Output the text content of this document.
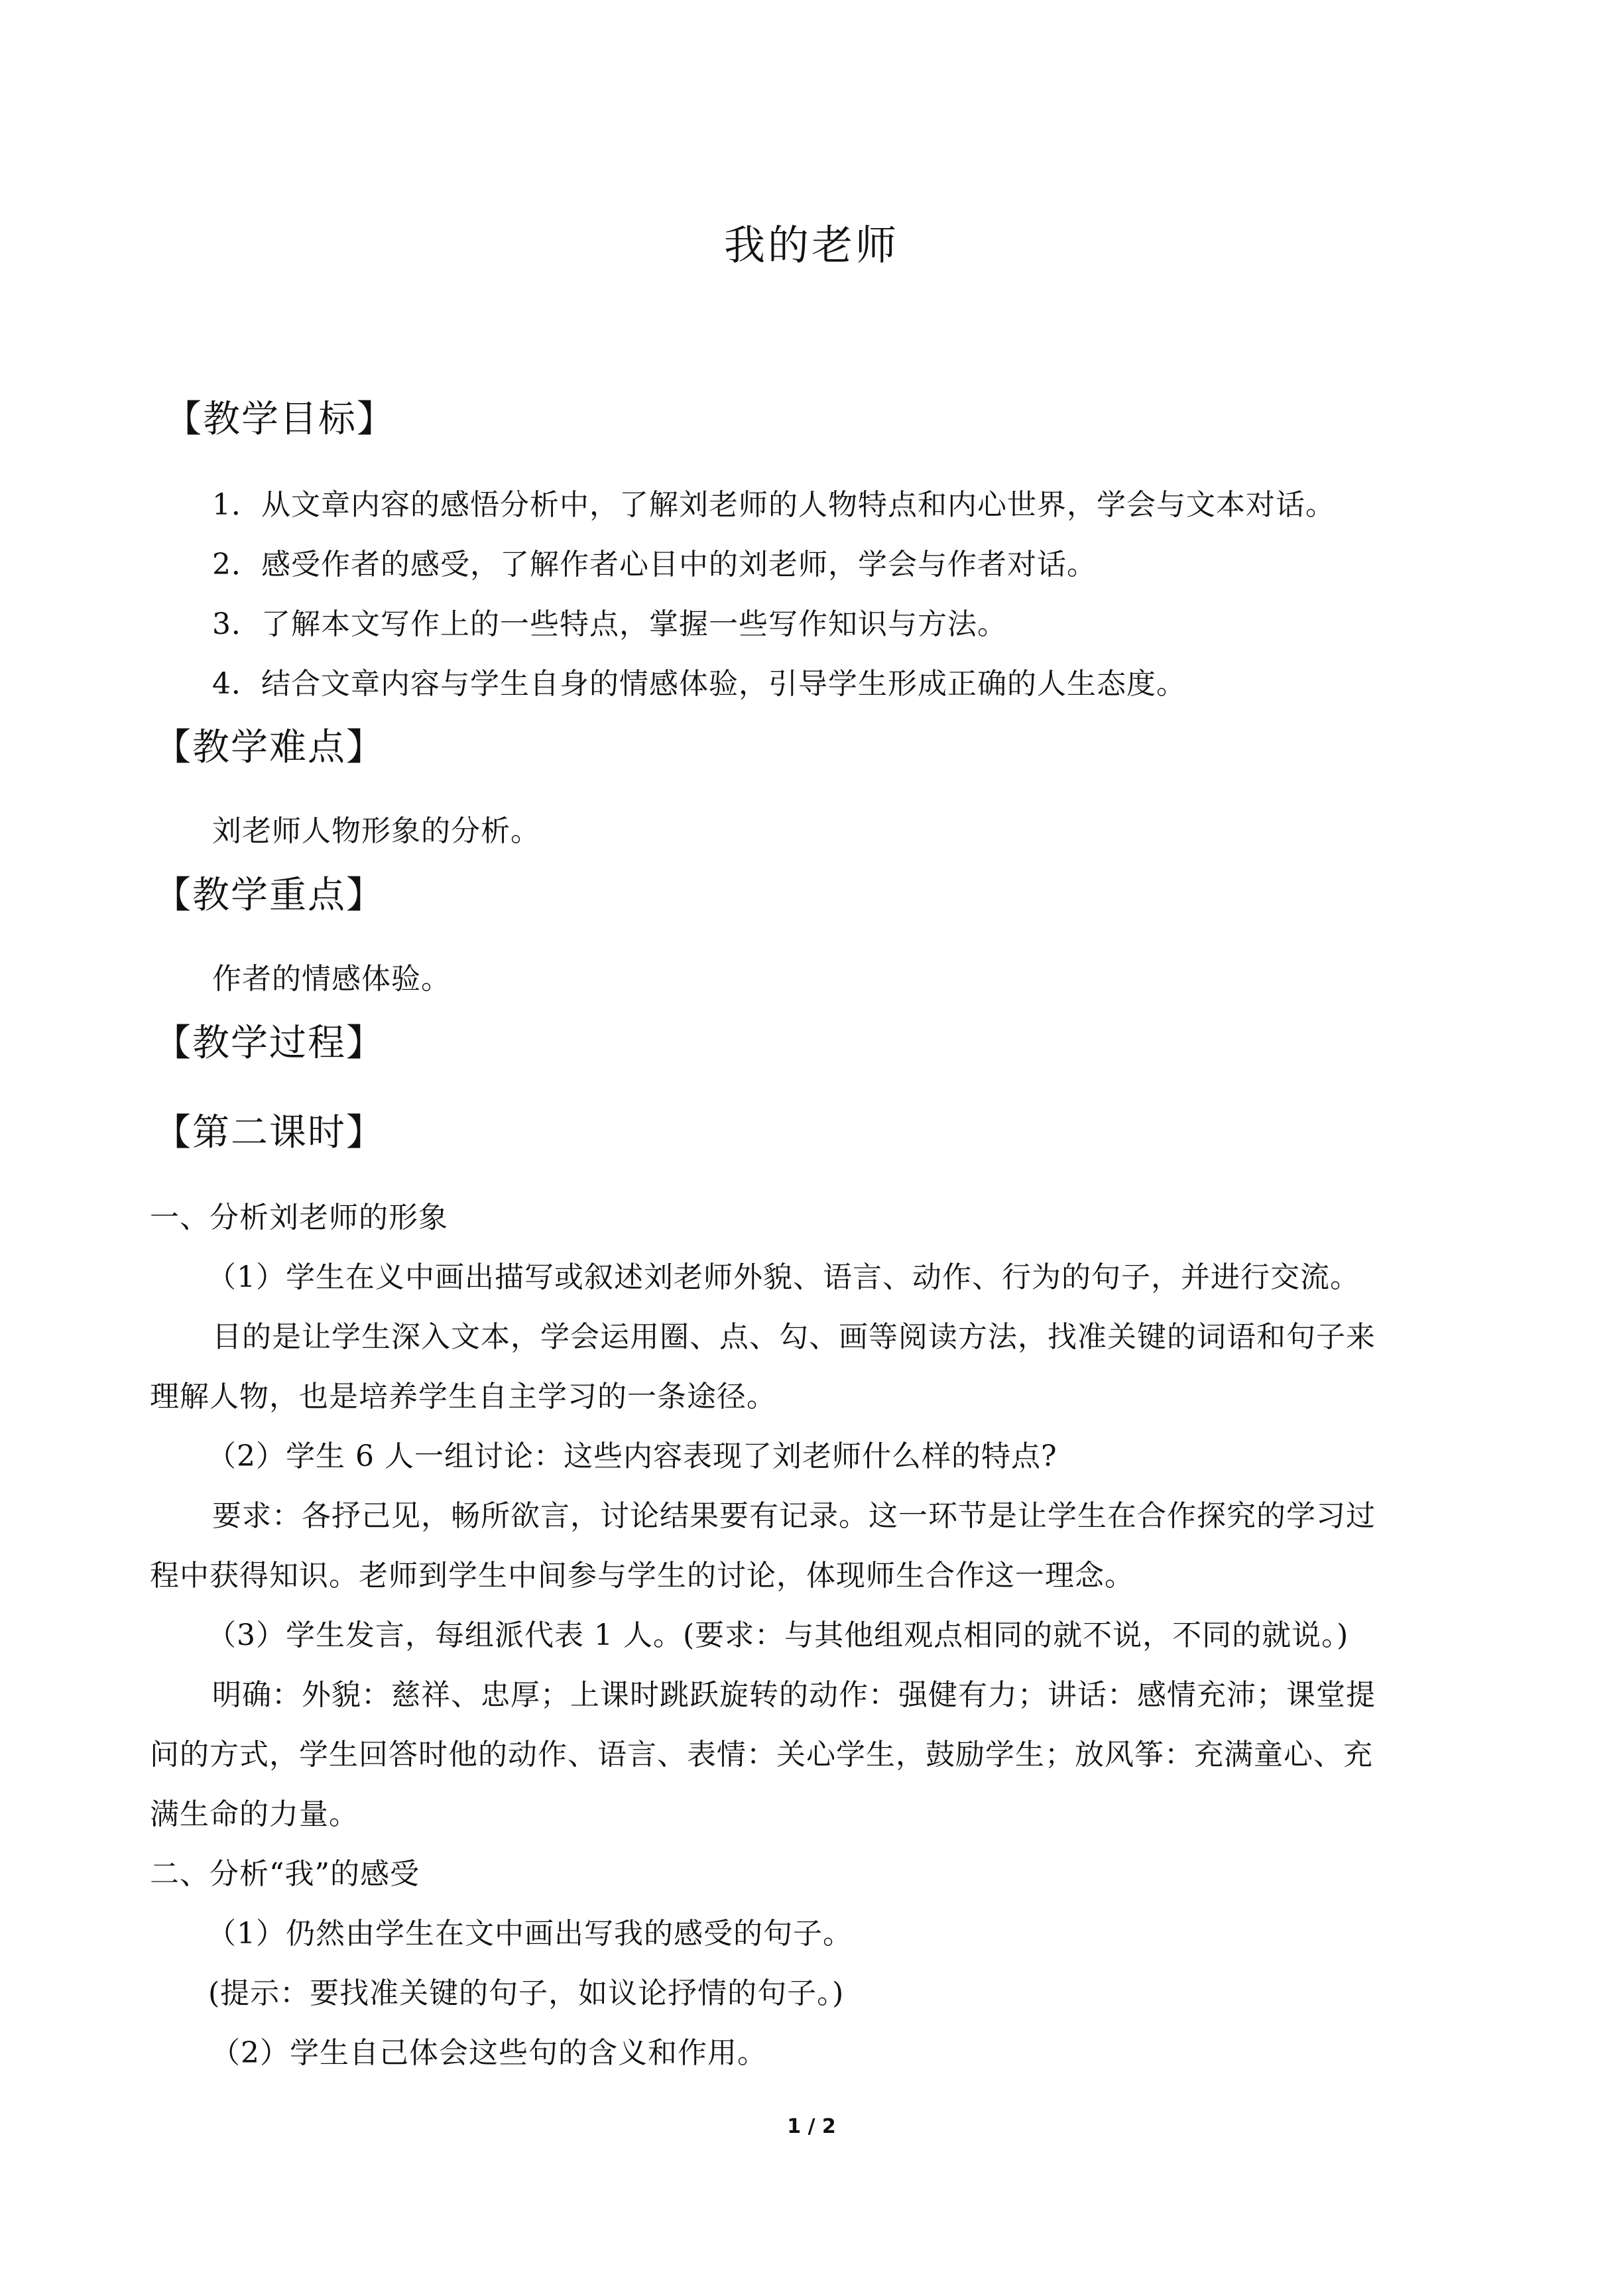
我的老师
【教学目标】
1．从文章内容的感悟分析中，了解刘老师的人物特点和内心世界，学会与文本对话。
2．感受作者的感受，了解作者心目中的刘老师，学会与作者对话。
3．了解本文写作上的一些特点，掌握一些写作知识与方法。
4．结合文章内容与学生自身的情感体验，引导学生形成正确的人生态度。
【教学难点】
刘老师人物形象的分析。
【教学重点】
作者的情感体验。
【教学过程】
【第二课时】
一、分析刘老师的形象
（1）学生在义中画出描写或叙述刘老师外貌、语言、动作、行为的句子，并进行交流。
目的是让学生深入文本，学会运用圈、点、勾、画等阅读方法，找准关键的词语和句子来
理解人物，也是培养学生自主学习的一条途径。
（2）学生 6 人一组讨论：这些内容表现了刘老师什么样的特点?
要求：各抒己见，畅所欲言，讨论结果要有记录。这一环节是让学生在合作探究的学习过
程中获得知识。老师到学生中间参与学生的讨论，体现师生合作这一理念。
（3）学生发言，每组派代表 1 人。(要求：与其他组观点相同的就不说，不同的就说。)
明确：外貌：慈祥、忠厚；上课时跳跃旋转的动作：强健有力；讲话：感情充沛；课堂提
问的方式，学生回答时他的动作、语言、表情：关心学生，鼓励学生；放风筝：充满童心、充
满生命的力量。
二、分析“我”的感受
（1）仍然由学生在文中画出写我的感受的句子。
(提示：要找准关键的句子，如议论抒情的句子。)
（2）学生自己体会这些句的含义和作用。
1 / 2
